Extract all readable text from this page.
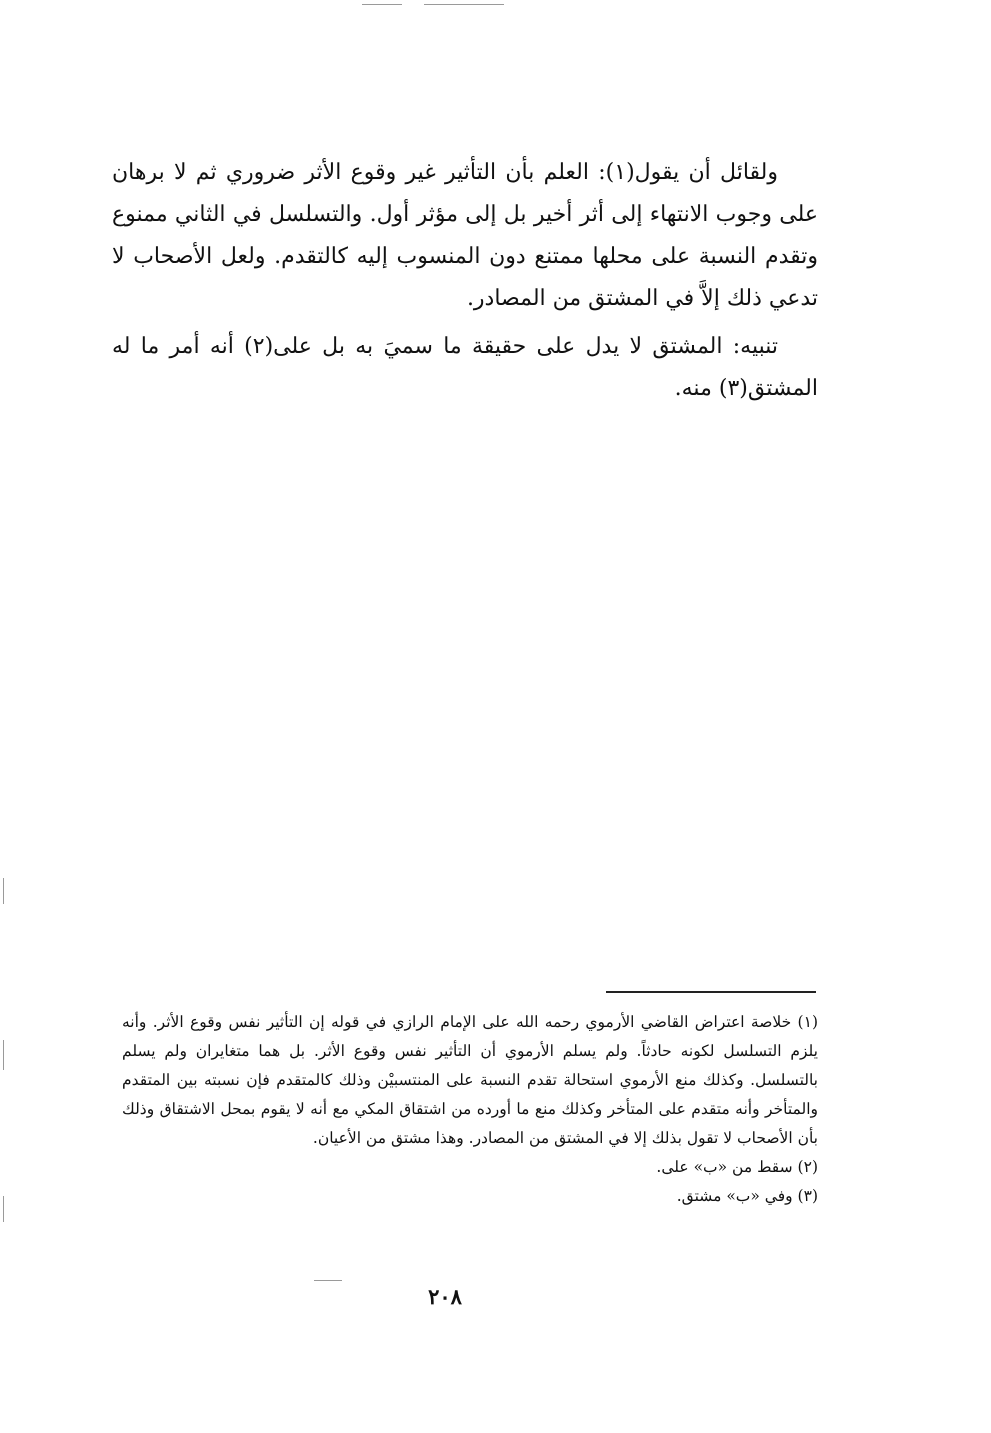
ولقائل أن يقول(١): العلم بأن التأثير غير وقوع الأثر ضروري ثم لا برهان على وجوب الانتهاء إلى أثر أخير بل إلى مؤثر أول. والتسلسل في الثاني ممنوع وتقدم النسبة على محلها ممتنع دون المنسوب إليه كالتقدم. ولعل الأصحاب لا تدعي ذلك إلاَّ في المشتق من المصادر.

تنبيه: المشتق لا يدل على حقيقة ما سميَ به بل على(٢) أنه أمر ما له المشتق(٣) منه.

(١) خلاصة اعتراض القاضي الأرموي رحمه الله على الإمام الرازي في قوله إن التأثير نفس وقوع الأثر. وأنه يلزم التسلسل لكونه حادثاً. ولم يسلم الأرموي أن التأثير نفس وقوع الأثر. بل هما متغايران ولم يسلم بالتسلسل. وكذلك منع الأرموي استحالة تقدم النسبة على المنتسبيْن وذلك كالمتقدم فإن نسبته بين المتقدم والمتأخر وأنه متقدم على المتأخر وكذلك منع ما أورده من اشتقاق المكي مع أنه لا يقوم بمحل الاشتقاق وذلك بأن الأصحاب لا تقول بذلك إلا في المشتق من المصادر. وهذا مشتق من الأعيان.

(٢) سقط من «ب» على.

(٣) وفي «ب» مشتق.

٢٠٨
